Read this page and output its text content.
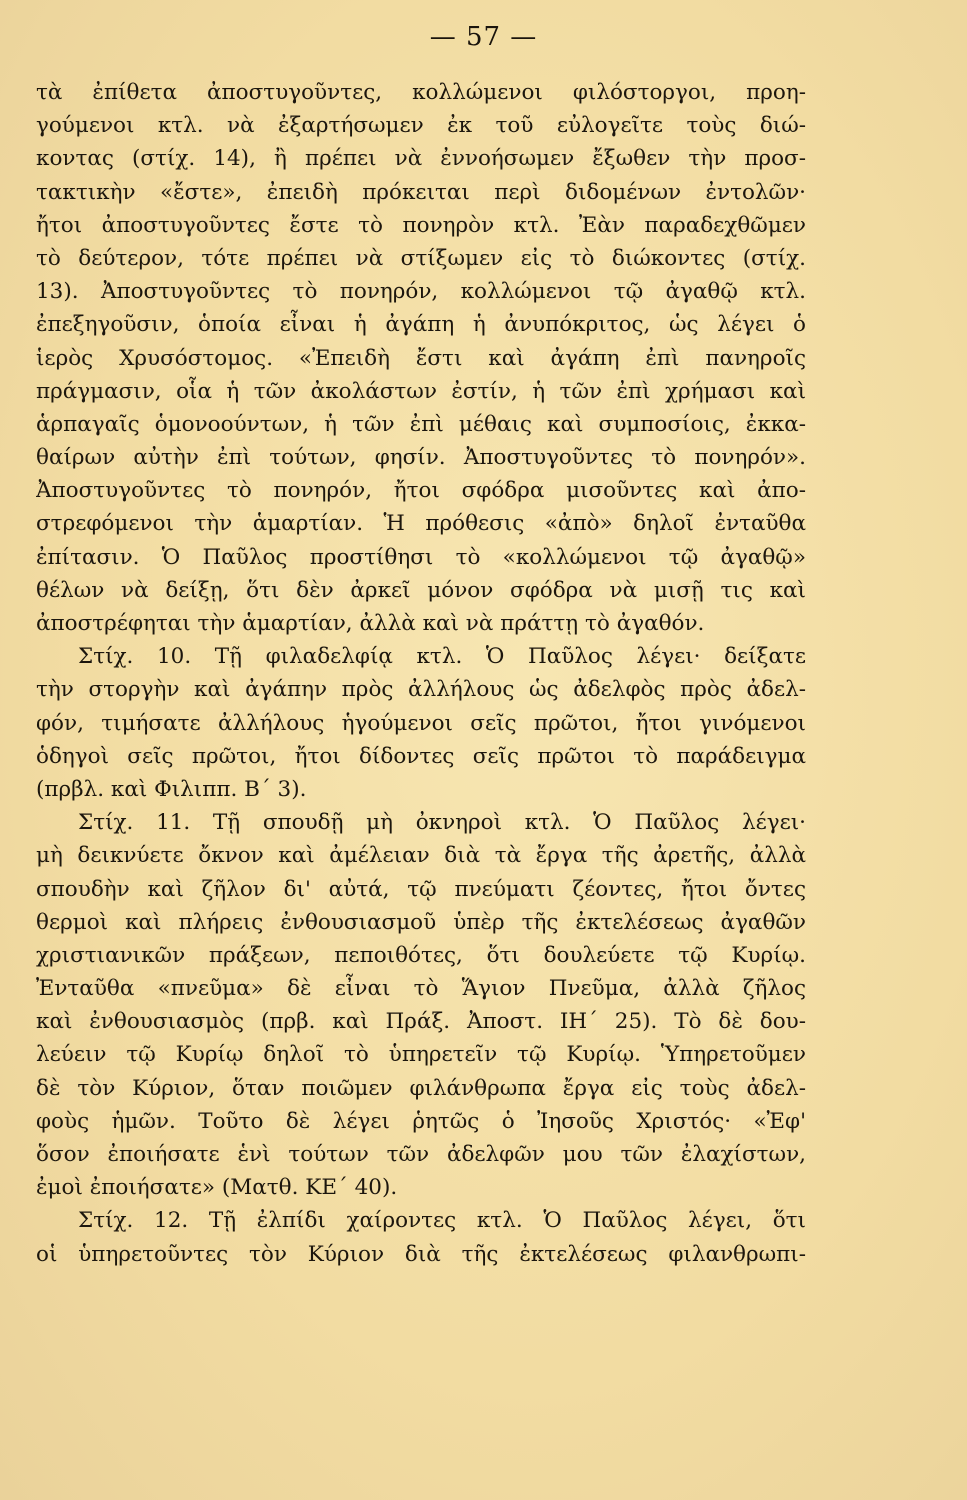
— 57 —
τὰ ἐπίθετα ἀποστυγοῦντες, κολλώμενοι φιλόστοργοι, προη-
γούμενοι κτλ. νὰ ἐξαρτήσωμεν ἐκ τοῦ εὐλογεῖτε τοὺς διώ-
κοντας (στίχ. 14), ἢ πρέπει νὰ ἐννοήσωμεν ἔξωθεν τὴν προσ-
τακτικὴν «ἔστε», ἐπειδὴ πρόκειται περὶ διδομένων ἐντολῶν·
ἤτοι ἀποστυγοῦντες ἔστε τὸ πονηρὸν κτλ. Ἐὰν παραδεχθῶμεν
τὸ δεύτερον, τότε πρέπει νὰ στίξωμεν εἰς τὸ διώκοντες (στίχ.
13). Ἀποστυγοῦντες τὸ πονηρόν, κολλώμενοι τῷ ἀγαθῷ κτλ.
ἐπεξηγοῦσιν, ὁποία εἶναι ἡ ἀγάπη ἡ ἀνυπόκριτος, ὡς λέγει ὁ
ἱερὸς Χρυσόστομος. «Ἐπειδὴ ἔστι καὶ ἀγάπη ἐπὶ πανηροῖς
πράγμασιν, οἷα ἡ τῶν ἀκολάστων ἐστίν, ἡ τῶν ἐπὶ χρήμασι καὶ
ἁρπαγαῖς ὁμονοούντων, ἡ τῶν ἐπὶ μέθαις καὶ συμποσίοις, ἐκκα-
θαίρων αὐτὴν ἐπὶ τούτων, φησίν. Ἀποστυγοῦντες τὸ πονηρόν».
Ἀποστυγοῦντες τὸ πονηρόν, ἤτοι σφόδρα μισοῦντες καὶ ἀπο-
στρεφόμενοι τὴν ἁμαρτίαν. Ἡ πρόθεσις «ἀπὸ» δηλοῖ ἐνταῦθα
ἐπίτασιν. Ὁ Παῦλος προστίθησι τὸ «κολλώμενοι τῷ ἀγαθῷ»
θέλων νὰ δείξῃ, ὅτι δὲν ἀρκεῖ μόνον σφόδρα νὰ μισῇ τις καὶ
ἀποστρέφηται τὴν ἁμαρτίαν, ἀλλὰ καὶ νὰ πράττῃ τὸ ἀγαθόν.
Στίχ. 10. Τῇ φιλαδελφίᾳ κτλ. Ὁ Παῦλος λέγει· δείξατε
τὴν στοργὴν καὶ ἀγάπην πρὸς ἀλλήλους ὡς ἀδελφὸς πρὸς ἀδελ-
φόν, τιμήσατε ἀλλήλους ἡγούμενοι σεῖς πρῶτοι, ἤτοι γινόμενοι
ὁδηγοὶ σεῖς πρῶτοι, ἤτοι δίδοντες σεῖς πρῶτοι τὸ παράδειγμα
(πρβλ. καὶ Φιλιππ. Β΄ 3).
Στίχ. 11. Τῇ σπουδῇ μὴ ὀκνηροὶ κτλ. Ὁ Παῦλος λέγει·
μὴ δεικνύετε ὄκνον καὶ ἀμέλειαν διὰ τὰ ἔργα τῆς ἀρετῆς, ἀλλὰ
σπουδὴν καὶ ζῆλον δι' αὐτά, τῷ πνεύματι ζέοντες, ἤτοι ὄντες
θερμοὶ καὶ πλήρεις ἐνθουσιασμοῦ ὑπὲρ τῆς ἐκτελέσεως ἀγαθῶν
χριστιανικῶν πράξεων, πεποιθότες, ὅτι δουλεύετε τῷ Κυρίῳ.
Ἐνταῦθα «πνεῦμα» δὲ εἶναι τὸ Ἅγιον Πνεῦμα, ἀλλὰ ζῆλος
καὶ ἐνθουσιασμὸς (πρβ. καὶ Πράξ. Ἀποστ. ΙΗ΄ 25). Τὸ δὲ δου-
λεύειν τῷ Κυρίῳ δηλοῖ τὸ ὑπηρετεῖν τῷ Κυρίῳ. Ὑπηρετοῦμεν
δὲ τὸν Κύριον, ὅταν ποιῶμεν φιλάνθρωπα ἔργα εἰς τοὺς ἀδελ-
φοὺς ἡμῶν. Τοῦτο δὲ λέγει ῥητῶς ὁ Ἰησοῦς Χριστός· «Ἐφ'
ὅσον ἐποιήσατε ἑνὶ τούτων τῶν ἀδελφῶν μου τῶν ἐλαχίστων,
ἐμοὶ ἐποιήσατε» (Ματθ. ΚΕ΄ 40).
Στίχ. 12. Τῇ ἐλπίδι χαίροντες κτλ. Ὁ Παῦλος λέγει, ὅτι
οἱ ὑπηρετοῦντες τὸν Κύριον διὰ τῆς ἐκτελέσεως φιλανθρωπι-
